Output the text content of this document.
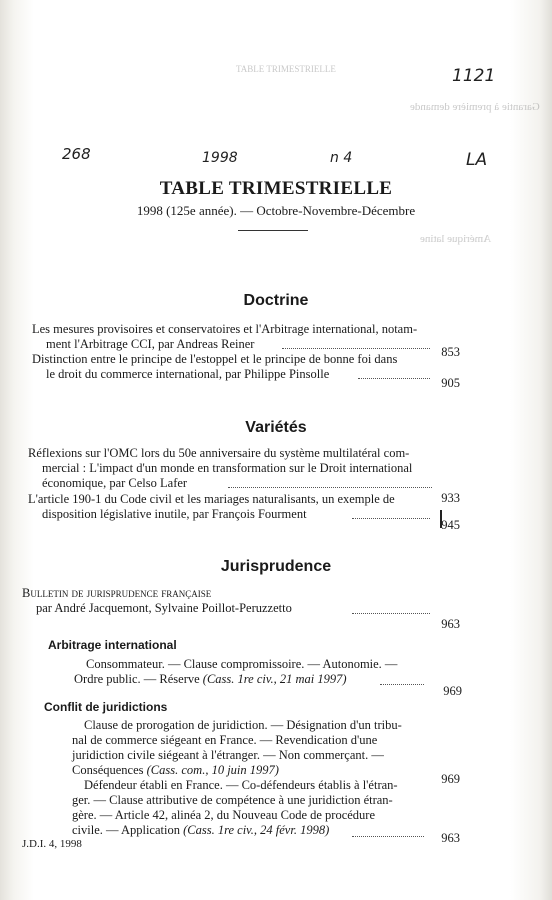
TABLE TRIMESTRIELLE
Garantie à première demande
Amérique latine
1121
268	1998	n 4	LA
TABLE TRIMESTRIELLE
1998 (125e année). — Octobre-Novembre-Décembre
Doctrine
Les mesures provisoires et conservatoires et l'Arbitrage international, notam-
ment l'Arbitrage CCI, par Andreas Reiner
853
Distinction entre le principe de l'estoppel et le principe de bonne foi dans
le droit du commerce international, par Philippe Pinsolle
905
Variétés
Réflexions sur l'OMC lors du 50e anniversaire du système multilatéral com-
mercial : L'impact d'un monde en transformation sur le Droit international
économique, par Celso Lafer
933
L'article 190-1 du Code civil et les mariages naturalisants, un exemple de
disposition législative inutile, par François Fourment
945
Jurisprudence
Bulletin de jurisprudence française
par André Jacquemont, Sylvaine Poillot-Peruzzetto
963
Arbitrage international
Consommateur. — Clause compromissoire. — Autonomie. —
Ordre public. — Réserve (Cass. 1re civ., 21 mai 1997)
969
Conflit de juridictions
Clause de prorogation de juridiction. — Désignation d'un tribu-
nal de commerce siégeant en France. — Revendication d'une
juridiction civile siégeant à l'étranger. — Non commerçant. —
Conséquences (Cass. com., 10 juin 1997)
969
Défendeur établi en France. — Co-défendeurs établis à l'étran-
ger. — Clause attributive de compétence à une juridiction étran-
gère. — Article 42, alinéa 2, du Nouveau Code de procédure
civile. — Application (Cass. 1re civ., 24 févr. 1998)
963
J.D.I. 4, 1998
